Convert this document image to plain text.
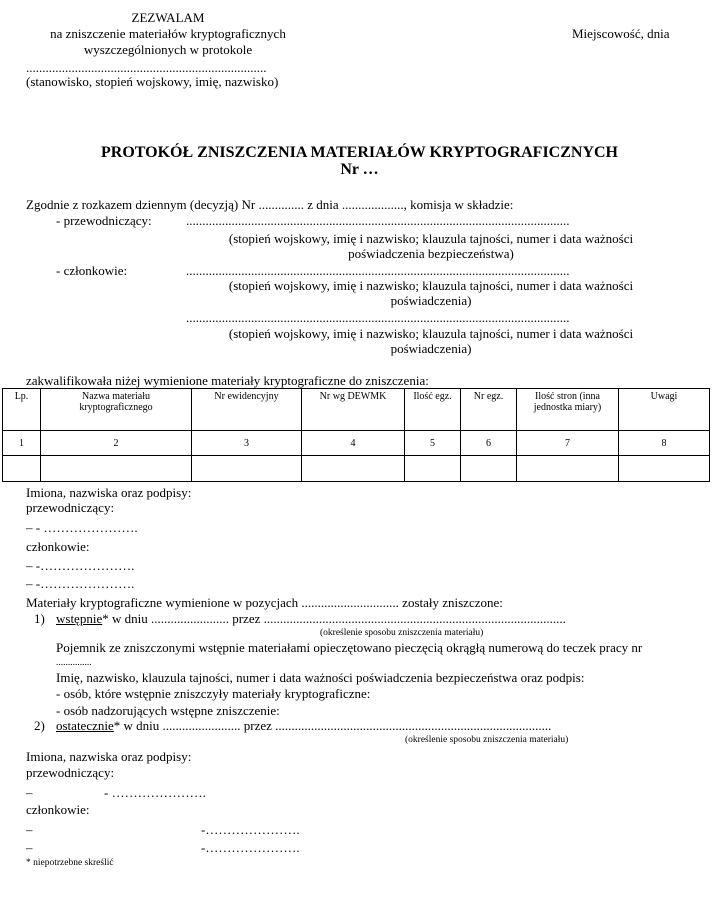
ZEZWALAM
na zniszczenie materiałów kryptograficznych
wyszczególnionych w protokole
..........................................................................
(stanowisko, stopień wojskowy, imię, nazwisko)
Miejscowość, dnia
PROTOKÓŁ ZNISZCZENIA MATERIAŁÓW KRYPTOGRAFICZNYCH
Nr …
Zgodnie z rozkazem dziennym (decyzją) Nr .............. z dnia ..................., komisja w składzie:
- przewodniczący:	......................................................................................................................
(stopień wojskowy, imię i nazwisko; klauzula tajności, numer i data ważności
poświadczenia bezpieczeństwa)
- członkowie:	......................................................................................................................
(stopień wojskowy, imię i nazwisko; klauzula tajności, numer i data ważności
poświadczenia)
......................................................................................................................
(stopień wojskowy, imię i nazwisko; klauzula tajności, numer i data ważności
poświadczenia)
zakwalifikowała niżej wymienione materiały kryptograficzne do zniszczenia:
Lp.	Nazwa materiału kryptograficznego	Nr ewidencyjny	Nr wg DEWMK	Ilość egz.	Nr egz.	Ilość stron (inna jednostka miary)	Uwagi
1	2	3	4	5	6	7	8

Imiona, nazwiska oraz podpisy:
przewodniczący:
– - ………………….
członkowie:
– -………………….
– -………………….
Materiały kryptograficzne wymienione w pozycjach .............................. zostały zniszczone:
1) wstępnie* w dniu ........................ przez .............................................................................................
(określenie sposobu zniszczenia materiału)
Pojemnik ze zniszczonymi wstępnie materiałami opieczętowano pieczęcią okrągłą numerową do teczek pracy nr
...............
Imię, nazwisko, klauzula tajności, numer i data ważności poświadczenia bezpieczeństwa oraz podpis:
- osób, które wstępnie zniszczyły materiały kryptograficzne:
- osób nadzorujących wstępne zniszczenie:
2) ostatecznie* w dniu ........................ przez .....................................................................................
(określenie sposobu zniszczenia materiału)
Imiona, nazwiska oraz podpisy:
przewodniczący:
–	- ………………….
członkowie:
–	-………………….
–	-………………….
* niepotrzebne skreślić
